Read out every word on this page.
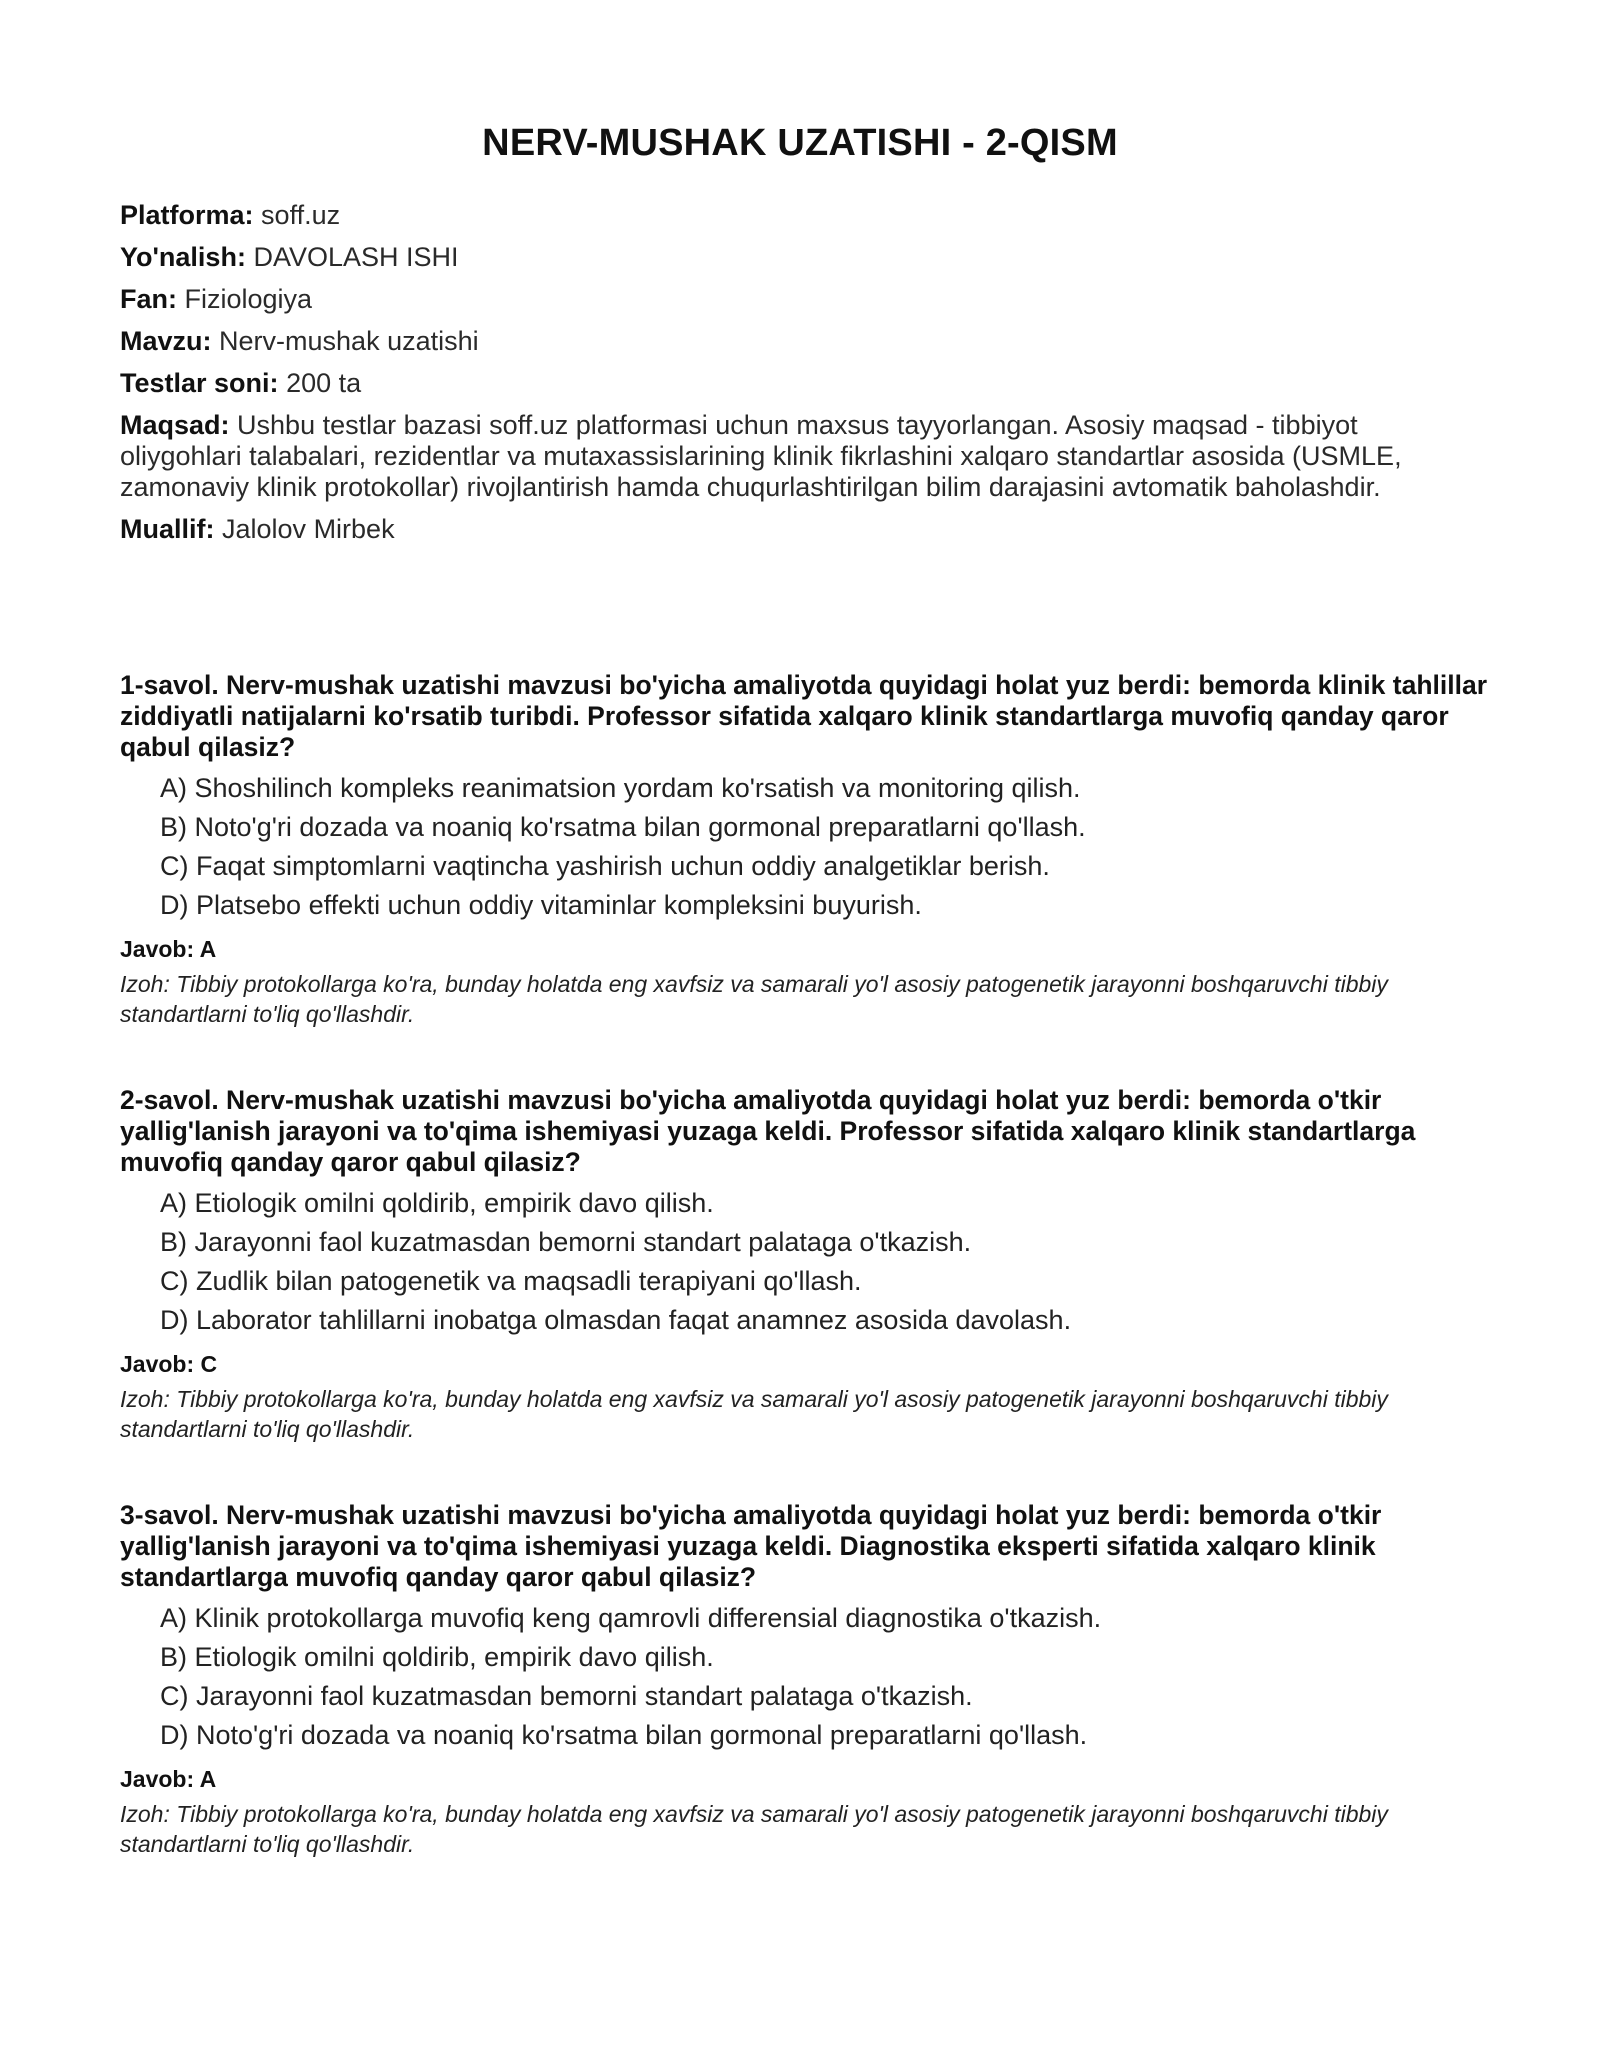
NERV-MUSHAK UZATISHI - 2-QISM
Platforma: soff.uz
Yo'nalish: DAVOLASH ISHI
Fan: Fiziologiya
Mavzu: Nerv-mushak uzatishi
Testlar soni: 200 ta
Maqsad: Ushbu testlar bazasi soff.uz platformasi uchun maxsus tayyorlangan. Asosiy maqsad - tibbiyot oliygohlari talabalari, rezidentlar va mutaxassislarining klinik fikrlashini xalqaro standartlar asosida (USMLE, zamonaviy klinik protokollar) rivojlantirish hamda chuqurlashtirilgan bilim darajasini avtomatik baholashdir.
Muallif: Jalolov Mirbek
1-savol. Nerv-mushak uzatishi mavzusi bo'yicha amaliyotda quyidagi holat yuz berdi: bemorda klinik tahlillar ziddiyatli natijalarni ko'rsatib turibdi. Professor sifatida xalqaro klinik standartlarga muvofiq qanday qaror qabul qilasiz?
A) Shoshilinch kompleks reanimatsion yordam ko'rsatish va monitoring qilish.
B) Noto'g'ri dozada va noaniq ko'rsatma bilan gormonal preparatlarni qo'llash.
C) Faqat simptomlarni vaqtincha yashirish uchun oddiy analgetiklar berish.
D) Platsebo effekti uchun oddiy vitaminlar kompleksini buyurish.
Javob: A
Izoh: Tibbiy protokollarga ko'ra, bunday holatda eng xavfsiz va samarali yo'l asosiy patogenetik jarayonni boshqaruvchi tibbiy standartlarni to'liq qo'llashdir.
2-savol. Nerv-mushak uzatishi mavzusi bo'yicha amaliyotda quyidagi holat yuz berdi: bemorda o'tkir yallig'lanish jarayoni va to'qima ishemiyasi yuzaga keldi. Professor sifatida xalqaro klinik standartlarga muvofiq qanday qaror qabul qilasiz?
A) Etiologik omilni qoldirib, empirik davo qilish.
B) Jarayonni faol kuzatmasdan bemorni standart palataga o'tkazish.
C) Zudlik bilan patogenetik va maqsadli terapiyani qo'llash.
D) Laborator tahlillarni inobatga olmasdan faqat anamnez asosida davolash.
Javob: C
Izoh: Tibbiy protokollarga ko'ra, bunday holatda eng xavfsiz va samarali yo'l asosiy patogenetik jarayonni boshqaruvchi tibbiy standartlarni to'liq qo'llashdir.
3-savol. Nerv-mushak uzatishi mavzusi bo'yicha amaliyotda quyidagi holat yuz berdi: bemorda o'tkir yallig'lanish jarayoni va to'qima ishemiyasi yuzaga keldi. Diagnostika eksperti sifatida xalqaro klinik standartlarga muvofiq qanday qaror qabul qilasiz?
A) Klinik protokollarga muvofiq keng qamrovli differensial diagnostika o'tkazish.
B) Etiologik omilni qoldirib, empirik davo qilish.
C) Jarayonni faol kuzatmasdan bemorni standart palataga o'tkazish.
D) Noto'g'ri dozada va noaniq ko'rsatma bilan gormonal preparatlarni qo'llash.
Javob: A
Izoh: Tibbiy protokollarga ko'ra, bunday holatda eng xavfsiz va samarali yo'l asosiy patogenetik jarayonni boshqaruvchi tibbiy standartlarni to'liq qo'llashdir.
